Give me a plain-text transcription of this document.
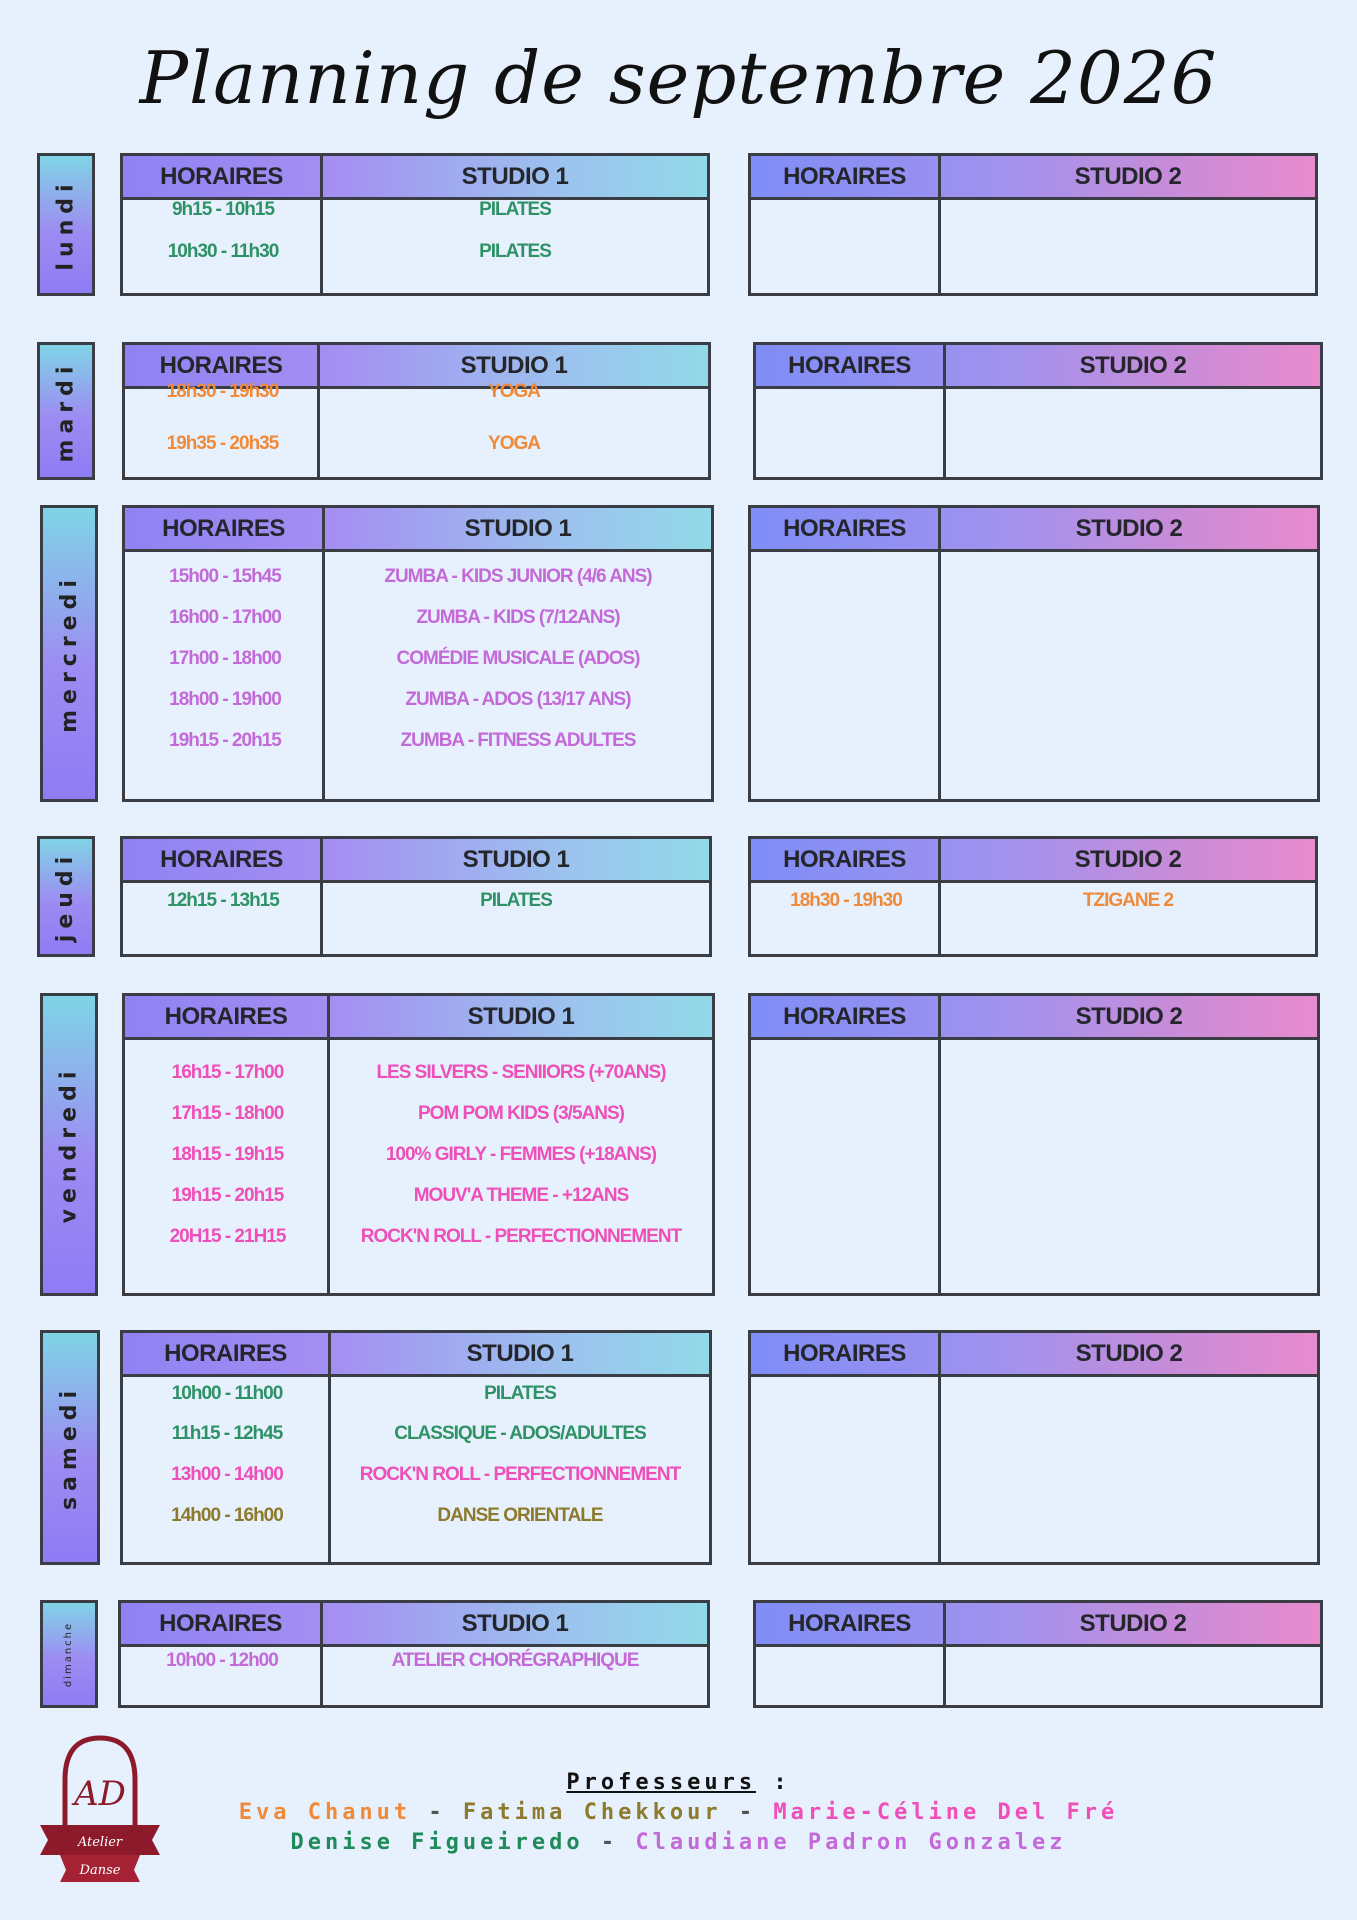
Planning de septembre 2026
lundi
HORAIRES	STUDIO 1
9h15 - 10h15	PILATES
10h30 - 11h30	PILATES
HORAIRES	STUDIO 2
mardi	HORAIRES	STUDIO 1
18h30 - 19h30	YOGA
19h35 - 20h35	YOGA
HORAIRES	STUDIO 2
mercredi
HORAIRES	STUDIO 1
15h00 - 15h45	ZUMBA - KIDS JUNIOR (4/6 ANS)
16h00 - 17h00	ZUMBA - KIDS (7/12ANS)
17h00 - 18h00	COMÉDIE MUSICALE (ADOS)
18h00 - 19h00	ZUMBA - ADOS (13/17 ANS)
19h15 - 20h15	ZUMBA - FITNESS ADULTES
HORAIRES	STUDIO 2
jeudi	HORAIRES	STUDIO 1
12h15 - 13h15	PILATES
HORAIRES	STUDIO 2
18h30 - 19h30	TZIGANE 2
vendredi
HORAIRES	STUDIO 1
16h15 - 17h00	LES SILVERS - SENIIORS (+70ANS)
17h15 - 18h00	POM POM KIDS (3/5ANS)
18h15 - 19h15	100% GIRLY - FEMMES (+18ANS)
19h15 - 20h15	MOUV'A THEME - +12ANS
20H15 - 21H15	ROCK'N ROLL - PERFECTIONNEMENT
HORAIRES	STUDIO 2
samedi
HORAIRES	STUDIO 1
10h00 - 11h00	PILATES
11h15 - 12h45	CLASSIQUE - ADOS/ADULTES
13h00 - 14h00	ROCK'N ROLL - PERFECTIONNEMENT
14h00 - 16h00	DANSE ORIENTALE
HORAIRES	STUDIO 2
dimanche	HORAIRES	STUDIO 1
10h00 - 12h00	ATELIER CHORÉGRAPHIQUE
HORAIRES	STUDIO 2
Professeurs :
Eva Chanut - Fatima Chekkour - Marie-Céline Del Fré
Denise Figueiredo - Claudiane Padron Gonzalez
AD
Atelier
Danse
